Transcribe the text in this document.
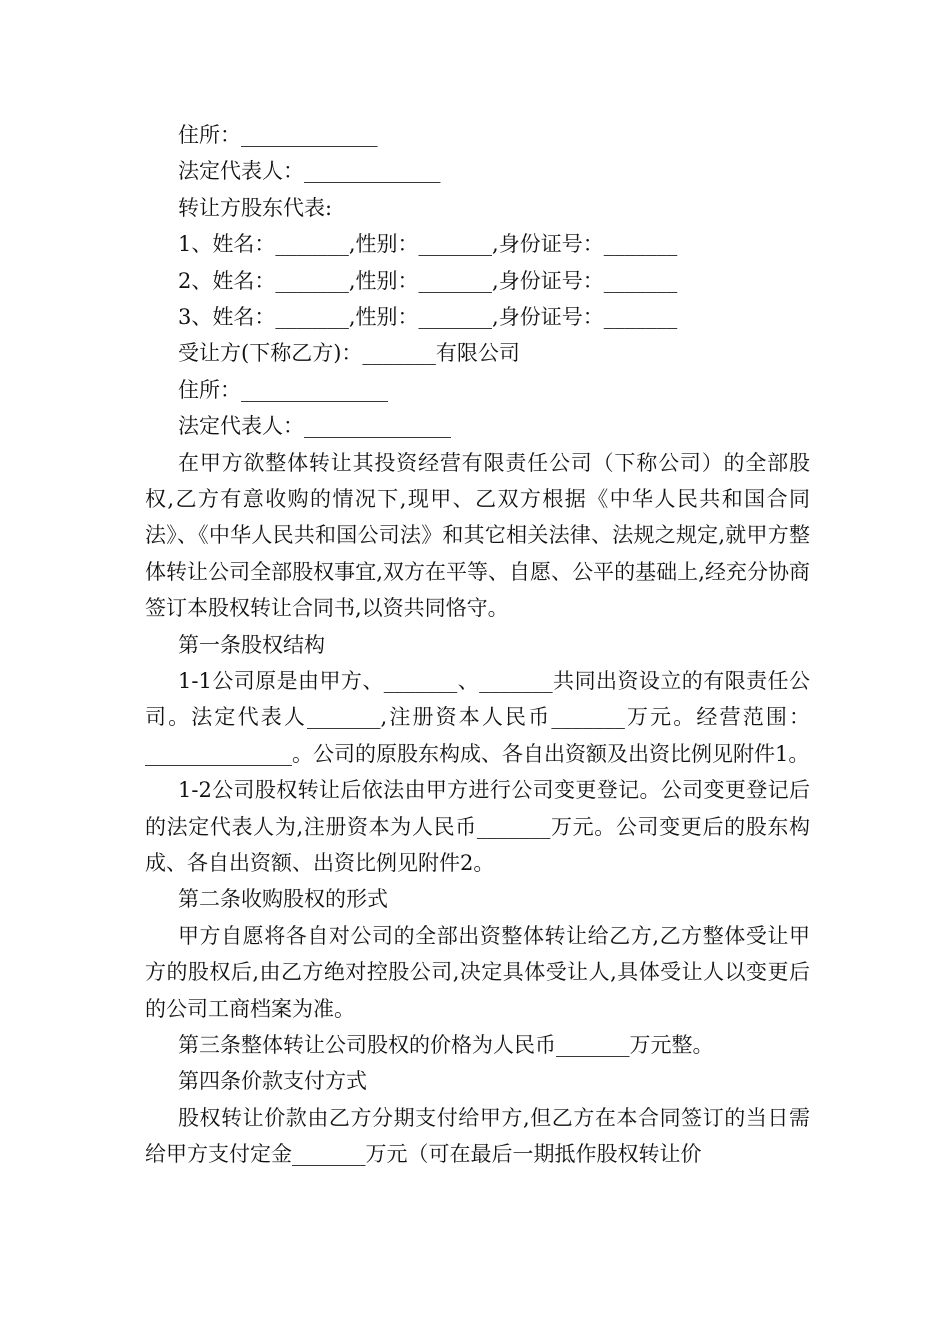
住所：_____________
法定代表人：_____________
转让方股东代表:
1、姓名：_______,性别：_______,身份证号：_______
2、姓名：_______,性别：_______,身份证号：_______
3、姓名：_______,性别：_______,身份证号：_______
受让方(下称乙方)：_______有限公司
住所：______________
法定代表人：______________

在甲方欲整体转让其投资经营有限责任公司（下称公司）的全部股权,乙方有意收购的情况下,现甲、乙双方根据《中华人民共和国合同法》、《中华人民共和国公司法》和其它相关法律、法规之规定,就甲方整体转让公司全部股权事宜,双方在平等、自愿、公平的基础上,经充分协商签订本股权转让合同书,以资共同恪守。

第一条股权结构

1-1公司原是由甲方、_______、_______共同出资设立的有限责任公司。法定代表人_______,注册资本人民币_______万元。经营范围：______________。公司的原股东构成、各自出资额及出资比例见附件1。

1-2公司股权转让后依法由甲方进行公司变更登记。公司变更登记后的法定代表人为,注册资本为人民币_______万元。公司变更后的股东构成、各自出资额、出资比例见附件2。

第二条收购股权的形式

甲方自愿将各自对公司的全部出资整体转让给乙方,乙方整体受让甲方的股权后,由乙方绝对控股公司,决定具体受让人,具体受让人以变更后的公司工商档案为准。

第三条整体转让公司股权的价格为人民币_______万元整。

第四条价款支付方式

股权转让价款由乙方分期支付给甲方,但乙方在本合同签订的当日需给甲方支付定金_______万元（可在最后一期抵作股权转让价
